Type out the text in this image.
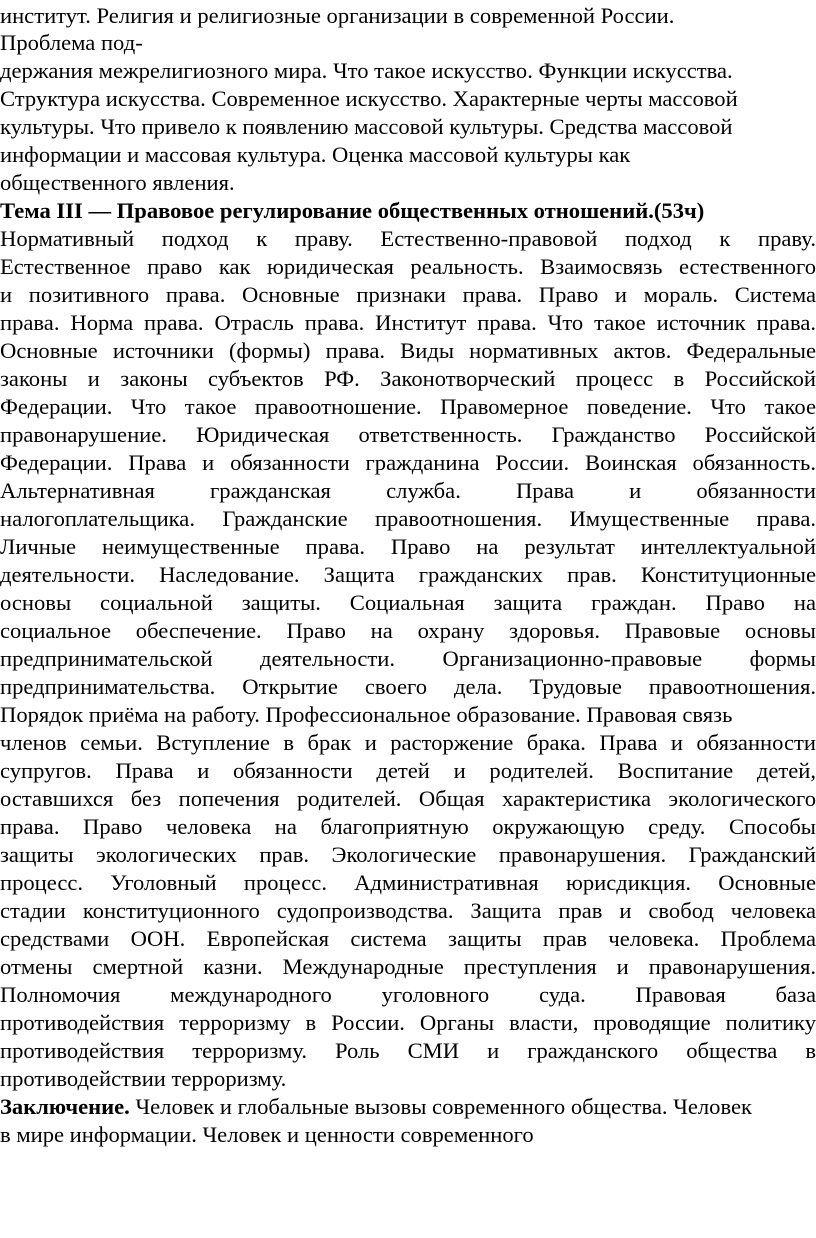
институт. Религия и религиозные организации в современной России.
Проблема под-
держания межрелигиозного мира. Что такое искусство. Функции искусства.
Структура искусства. Современное искусство. Характерные черты массовой
культуры. Что привело к появлению массовой культуры. Средства массовой
информации и массовая культура. Оценка массовой культуры как
общественного явления.
Тема III — Правовое регулирование общественных отношений.(53ч)
Нормативный подход к праву. Естественно-правовой подход к праву.
Естественное право как юридическая реальность. Взаимосвязь естественного
и позитивного права. Основные признаки права. Право и мораль. Система
права. Норма права. Отрасль права. Институт права. Что такое источник права.
Основные источники (формы) права. Виды нормативных актов. Федеральные
законы и законы субъектов РФ. Законотворческий процесс в Российской
Федерации. Что такое правоотношение. Правомерное поведение. Что такое
правонарушение. Юридическая ответственность. Гражданство Российской
Федерации. Права и обязанности гражданина России. Воинская обязанность.
Альтернативная гражданская служба. Права и обязанности
налогоплательщика. Гражданские правоотношения. Имущественные права.
Личные неимущественные права. Право на результат интеллектуальной
деятельности. Наследование. Защита гражданских прав. Конституционные
основы социальной защиты. Социальная защита граждан. Право на
социальное обеспечение. Право на охрану здоровья. Правовые основы
предпринимательской деятельности. Организационно-правовые формы
предпринимательства. Открытие своего дела. Трудовые правоотношения.
Порядок приёма на работу. Профессиональное образование. Правовая связь
членов семьи. Вступление в брак и расторжение брака. Права и обязанности
супругов. Права и обязанности детей и родителей. Воспитание детей,
оставшихся без попечения родителей. Общая характеристика экологического
права. Право человека на благоприятную окружающую среду. Способы
защиты экологических прав. Экологические правонарушения. Гражданский
процесс. Уголовный процесс. Административная юрисдикция. Основные
стадии конституционного судопроизводства. Защита прав и свобод человека
средствами ООН. Европейская система защиты прав человека. Проблема
отмены смертной казни. Международные преступления и правонарушения.
Полномочия международного уголовного суда. Правовая база
противодействия терроризму в России. Органы власти, проводящие политику
противодействия терроризму. Роль СМИ и гражданского общества в
противодействии терроризму.
Заключение. Человек и глобальные вызовы современного общества. Человек
в мире информации. Человек и ценности современного
